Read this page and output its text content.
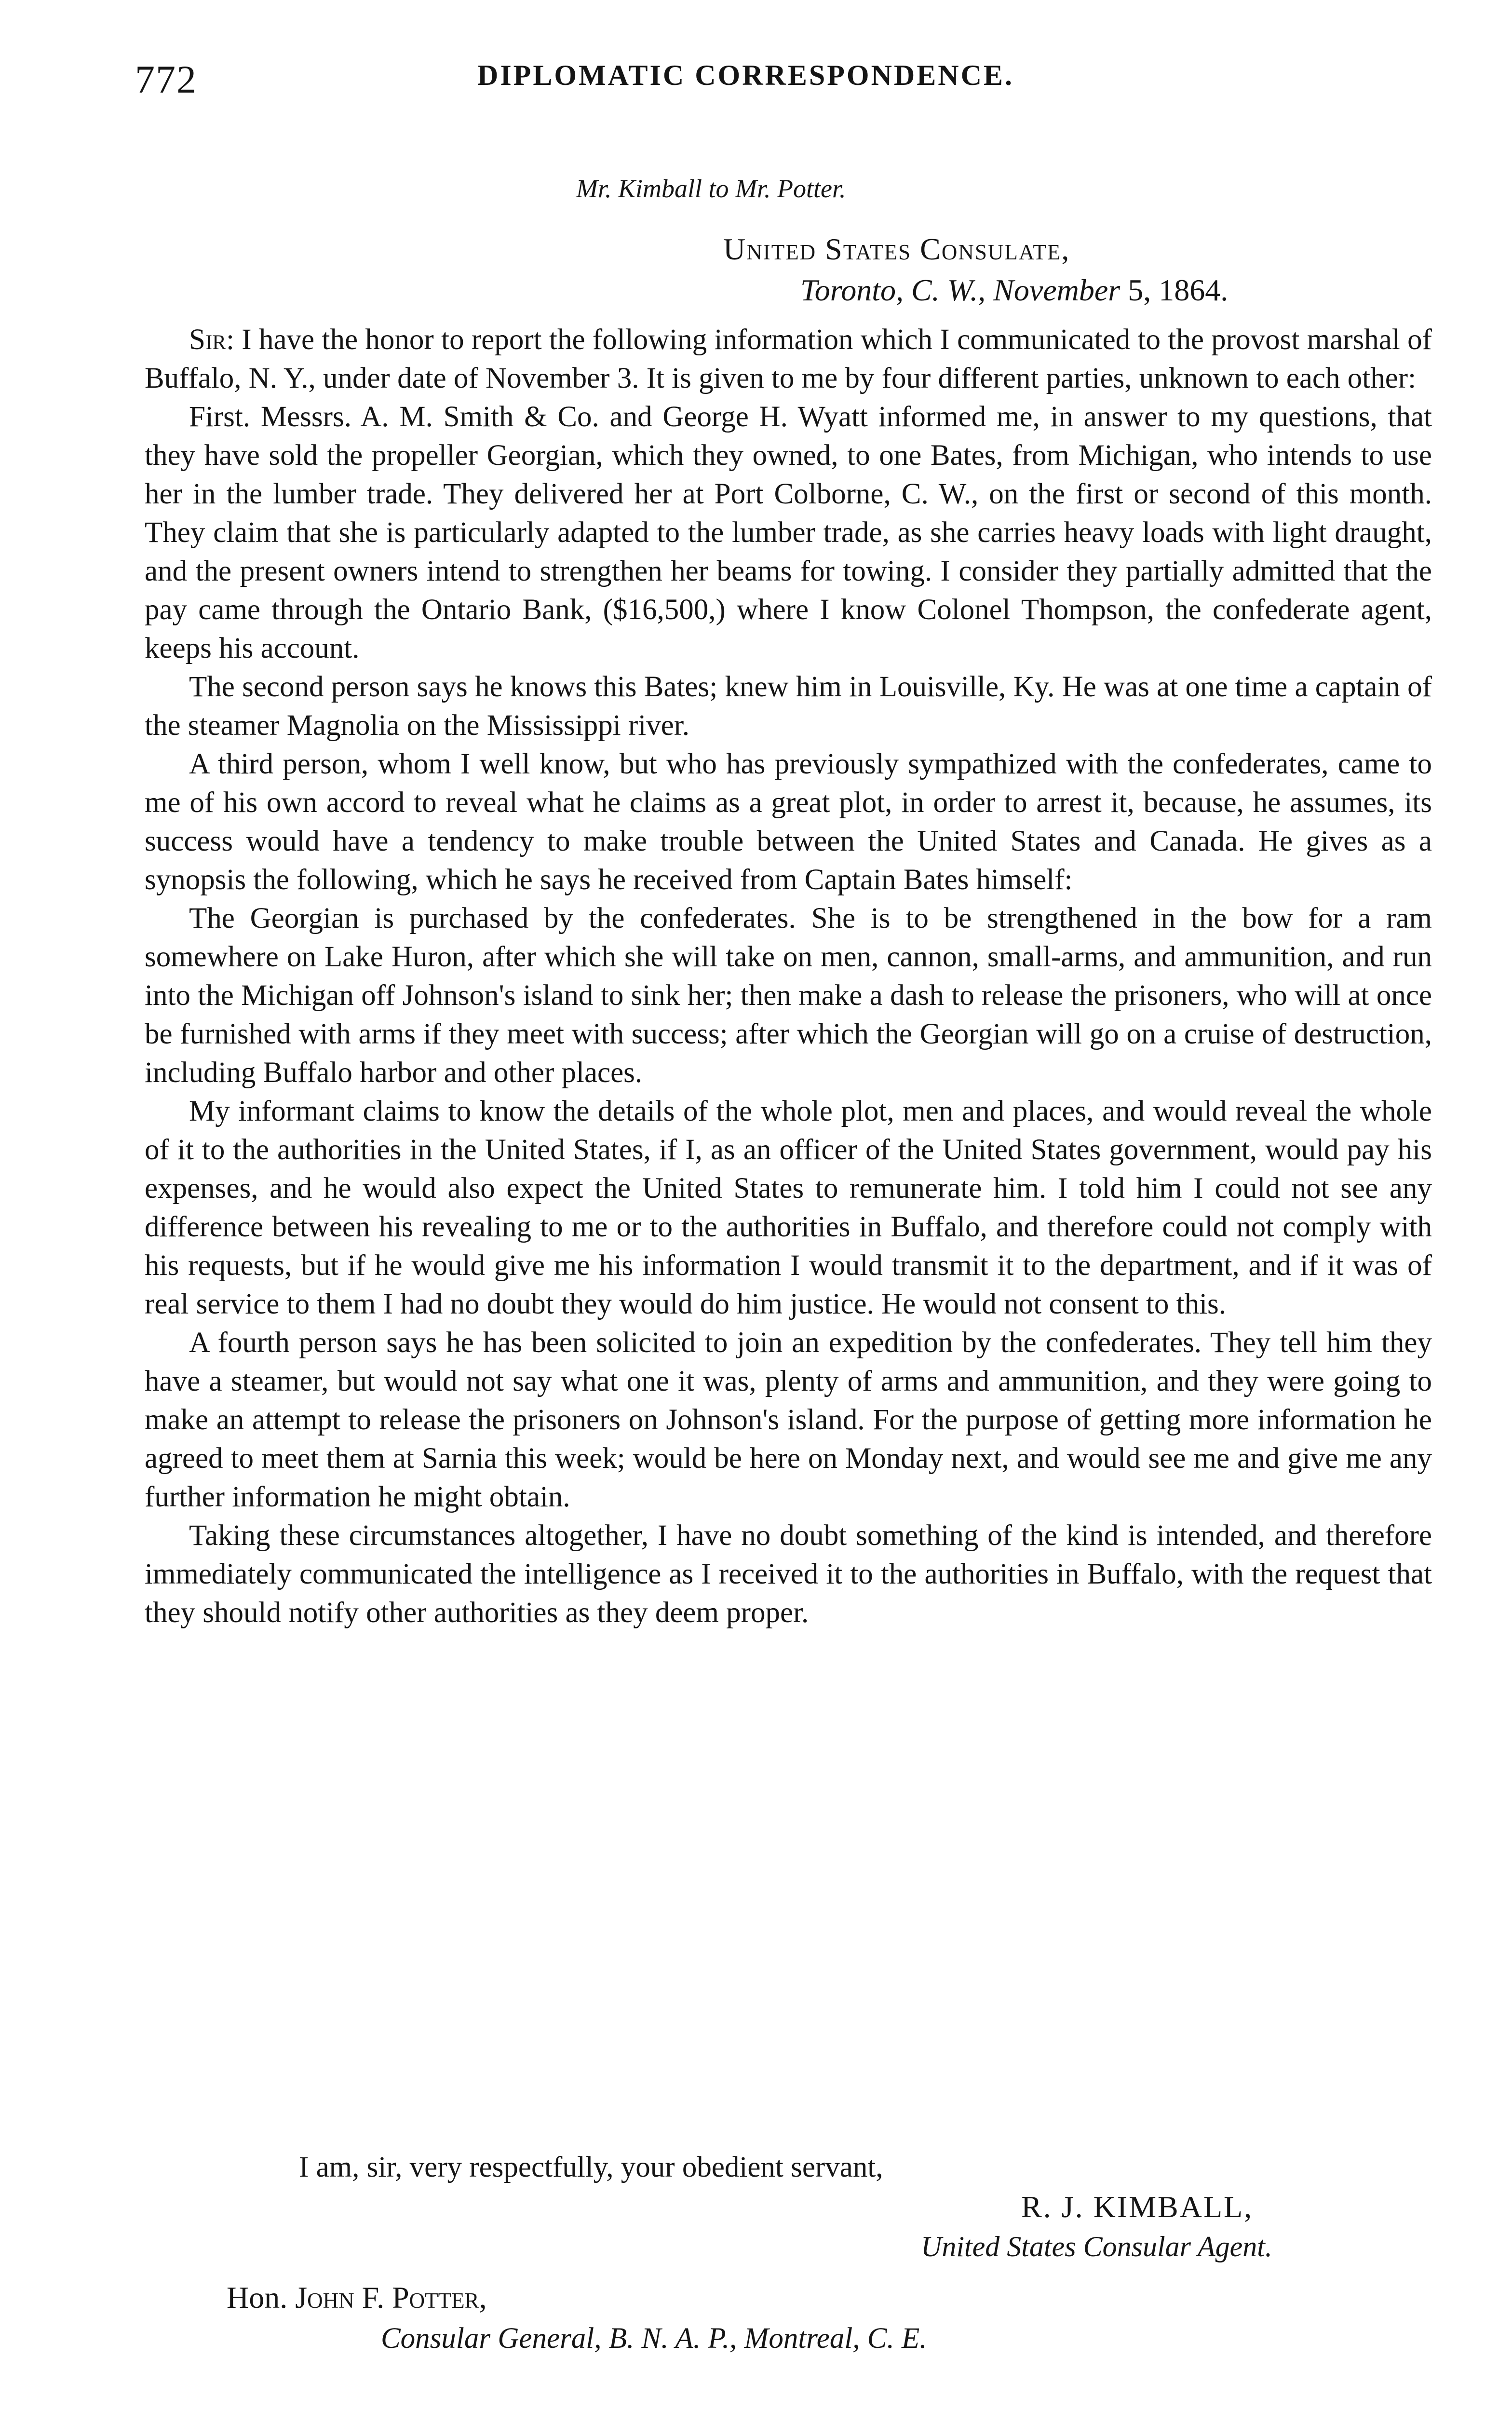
772	DIPLOMATIC CORRESPONDENCE.
Mr. Kimball to Mr. Potter.
United States Consulate,
Toronto, C. W., November 5, 1864.

Sir: I have the honor to report the following information which I communicated to the provost marshal of Buffalo, N. Y., under date of November 3. It is given to me by four different parties, unknown to each other:

First. Messrs. A. M. Smith & Co. and George H. Wyatt informed me, in answer to my questions, that they have sold the propeller Georgian, which they owned, to one Bates, from Michigan, who intends to use her in the lumber trade. They delivered her at Port Colborne, C. W., on the first or second of this month. They claim that she is particularly adapted to the lumber trade, as she carries heavy loads with light draught, and the present owners intend to strengthen her beams for towing. I consider they partially admitted that the pay came through the Ontario Bank, ($16,500,) where I know Colonel Thompson, the confederate agent, keeps his account.

The second person says he knows this Bates; knew him in Louisville, Ky. He was at one time a captain of the steamer Magnolia on the Mississippi river.

A third person, whom I well know, but who has previously sympathized with the confederates, came to me of his own accord to reveal what he claims as a great plot, in order to arrest it, because, he assumes, its success would have a tendency to make trouble between the United States and Canada. He gives as a synopsis the following, which he says he received from Captain Bates himself:

The Georgian is purchased by the confederates. She is to be strengthened in the bow for a ram somewhere on Lake Huron, after which she will take on men, cannon, small-arms, and ammunition, and run into the Michigan off Johnson's island to sink her; then make a dash to release the prisoners, who will at once be furnished with arms if they meet with success; after which the Georgian will go on a cruise of destruction, including Buffalo harbor and other places.

My informant claims to know the details of the whole plot, men and places, and would reveal the whole of it to the authorities in the United States, if I, as an officer of the United States government, would pay his expenses, and he would also expect the United States to remunerate him. I told him I could not see any difference between his revealing to me or to the authorities in Buffalo, and therefore could not comply with his requests, but if he would give me his information I would transmit it to the department, and if it was of real service to them I had no doubt they would do him justice. He would not consent to this.

A fourth person says he has been solicited to join an expedition by the confederates. They tell him they have a steamer, but would not say what one it was, plenty of arms and ammunition, and they were going to make an attempt to release the prisoners on Johnson's island. For the purpose of getting more information he agreed to meet them at Sarnia this week; would be here on Monday next, and would see me and give me any further information he might obtain.

Taking these circumstances altogether, I have no doubt something of the kind is intended, and therefore immediately communicated the intelligence as I received it to the authorities in Buffalo, with the request that they should notify other authorities as they deem proper.

I am, sir, very respectfully, your obedient servant,
R. J. KIMBALL,
United States Consular Agent.
Hon. John F. Potter,
Consular General, B. N. A. P., Montreal, C. E.
